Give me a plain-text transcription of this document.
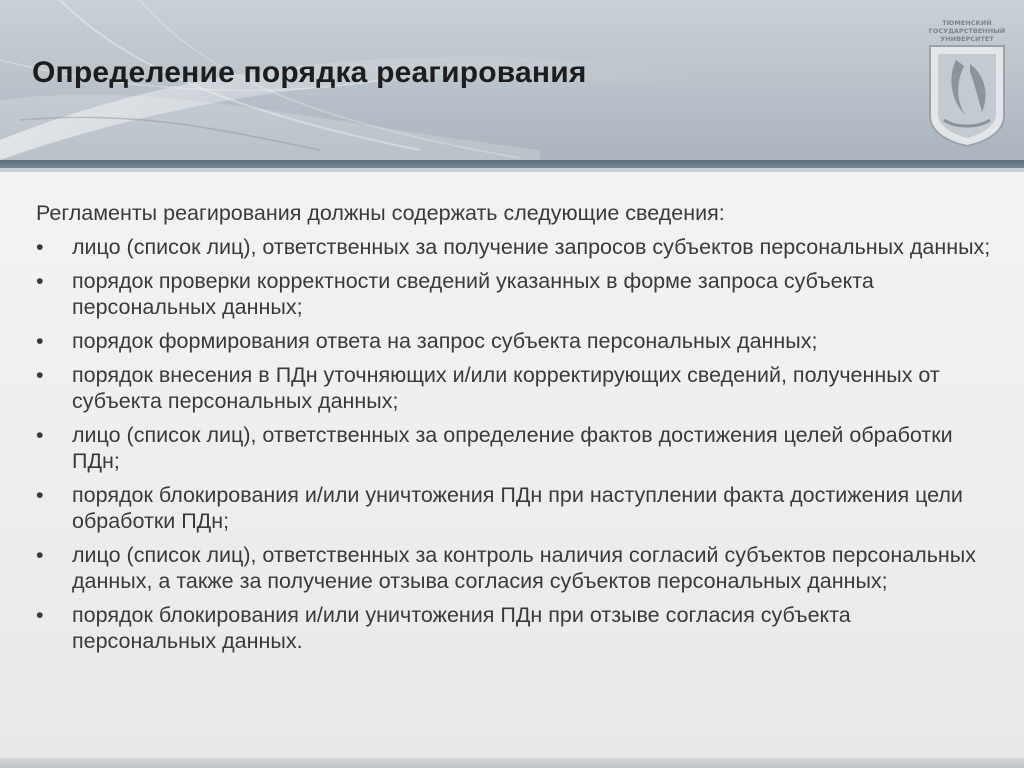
Определение порядка реагирования
ТЮМЕНСКИЙ
ГОСУДАРСТВЕННЫЙ
УНИВЕРСИТЕТ

Регламенты реагирования должны содержать следующие сведения:

•	лицо (список лиц), ответственных за получение запросов субъектов персональных данных;
•	порядок проверки корректности сведений указанных в форме запроса субъекта персональных данных;
•	порядок формирования ответа на запрос субъекта персональных данных;
•	порядок внесения в ПДн уточняющих и/или корректирующих сведений, полученных от субъекта персональных данных;
•	лицо (список лиц), ответственных за определение фактов достижения целей обработки ПДн;
•	порядок блокирования и/или уничтожения ПДн при наступлении факта достижения цели обработки ПДн;
•	лицо (список лиц), ответственных за контроль наличия согласий субъектов персональных данных, а также за получение отзыва согласия субъектов персональных данных;
•	порядок блокирования и/или уничтожения ПДн при отзыве согласия субъекта персональных данных.
